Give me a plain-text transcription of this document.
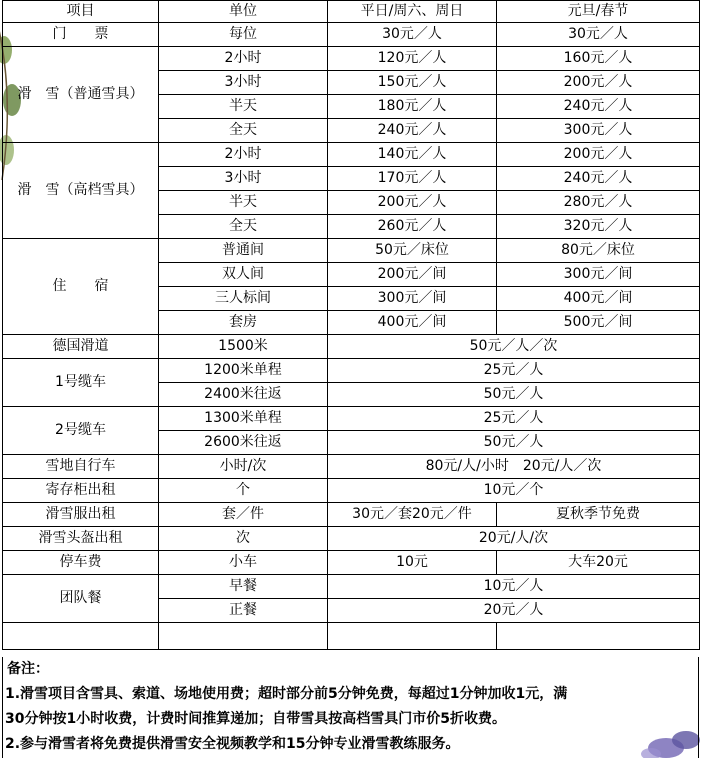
项目	单位	平日/周六、周日	元旦/春节
门　　票	每位	30元／人	30元／人
滑　雪（普通雪具）	2小时	120元／人	160元／人
	3小时	150元／人	200元／人
	半天	180元／人	240元／人
	全天	240元／人	300元／人
滑　雪（高档雪具）	2小时	140元／人	200元／人
	3小时	170元／人	240元／人
	半天	200元／人	280元／人
	全天	260元／人	320元／人
住　　宿	普通间	50元／床位	80元／床位
	双人间	200元／间	300元／间
	三人标间	300元／间	400元／间
	套房	400元／间	500元／间
德国滑道	1500米	50元／人／次	
1号缆车	1200米单程	25元／人	
	2400米往返	50元／人	
2号缆车	1300米单程	25元／人	
	2600米往返	50元／人	
雪地自行车	小时/次	80元/人/小时　20元/人／次	
寄存柜出租	个	10元／个	
滑雪服出租	套／件	30元／套20元／件	夏秋季节免费
滑雪头盔出租	次	20元/人/次	
停车费	小车	10元	大车20元
团队餐	早餐	10元／人	
	正餐	20元／人	

备注：

1.滑雪项目含雪具、索道、场地使用费；超时部分前5分钟免费，每超过1分钟加收1元，满

30分钟按1小时收费，计费时间推算递加；自带雪具按高档雪具门市价5折收费。

2.参与滑雪者将免费提供滑雪安全视频教学和15分钟专业滑雪教练服务。
